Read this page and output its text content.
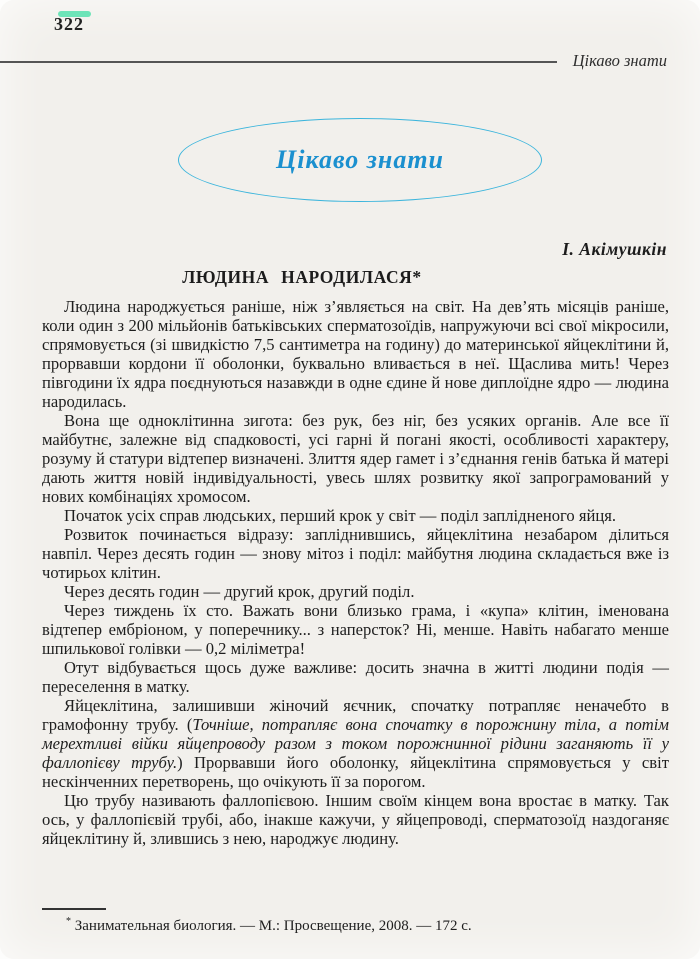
322
Цікаво знати
Цікаво знати
І. Акімушкін
ЛЮДИНА НАРОДИЛАСЯ*

Людина народжується раніше, ніж з’являється на світ. На дев’ять місяців раніше, коли один з 200 мільйонів батьківських сперматозоїдів, напружуючи всі свої мікросили, спрямовується (зі швидкістю 7,5 сантиметра на годину) до материнської яйцеклітини й, прорвавши кордони її оболонки, буквально вливається в неї. Щаслива мить! Через півгодини їх ядра поєднуються назавжди в одне єдине й нове диплоїдне ядро — людина народилась.

Вона ще одноклітинна зигота: без рук, без ніг, без усяких органів. Але все її майбутнє, залежне від спадковості, усі гарні й погані якості, особливості характеру, розуму й статури відтепер визначені. Злиття ядер гамет і з’єднання генів батька й матері дають життя новій індивідуальності, увесь шлях розвитку якої запрограмований у нових комбінаціях хромосом.

Початок усіх справ людських, перший крок у світ — поділ заплідненого яйця.

Розвиток починається відразу: запліднившись, яйцеклітина незабаром ділиться навпіл. Через десять годин — знову мітоз і поділ: майбутня людина складається вже із чотирьох клітин.

Через десять годин — другий крок, другий поділ.

Через тиждень їх сто. Важать вони близько грама, і «купа» клітин, іменована відтепер ембріоном, у поперечнику... з наперсток? Ні, менше. Навіть набагато менше шпилькової голівки — 0,2 міліметра!

Отут відбувається щось дуже важливе: досить значна в житті людини подія — переселення в матку.

Яйцеклітина, залишивши жіночий яєчник, спочатку потрапляє неначебто в грамофонну трубу. (Точніше, потрапляє вона спочатку в порожнину тіла, а потім мерехтливі війки яйцепроводу разом з током порожнинної рідини заганяють її у фаллопієву трубу.) Прорвавши його оболонку, яйцеклітина спрямовується у світ нескінченних перетворень, що очікують її за порогом.

Цю трубу називають фаллопієвою. Іншим своїм кінцем вона вростає в матку. Так ось, у фаллопієвій трубі, або, інакше кажучи, у яйцепроводі, сперматозоїд наздоганяє яйцеклітину й, злившись з нею, народжує людину.

* Занимательная биология. — М.: Просвещение, 2008. — 172 с.
